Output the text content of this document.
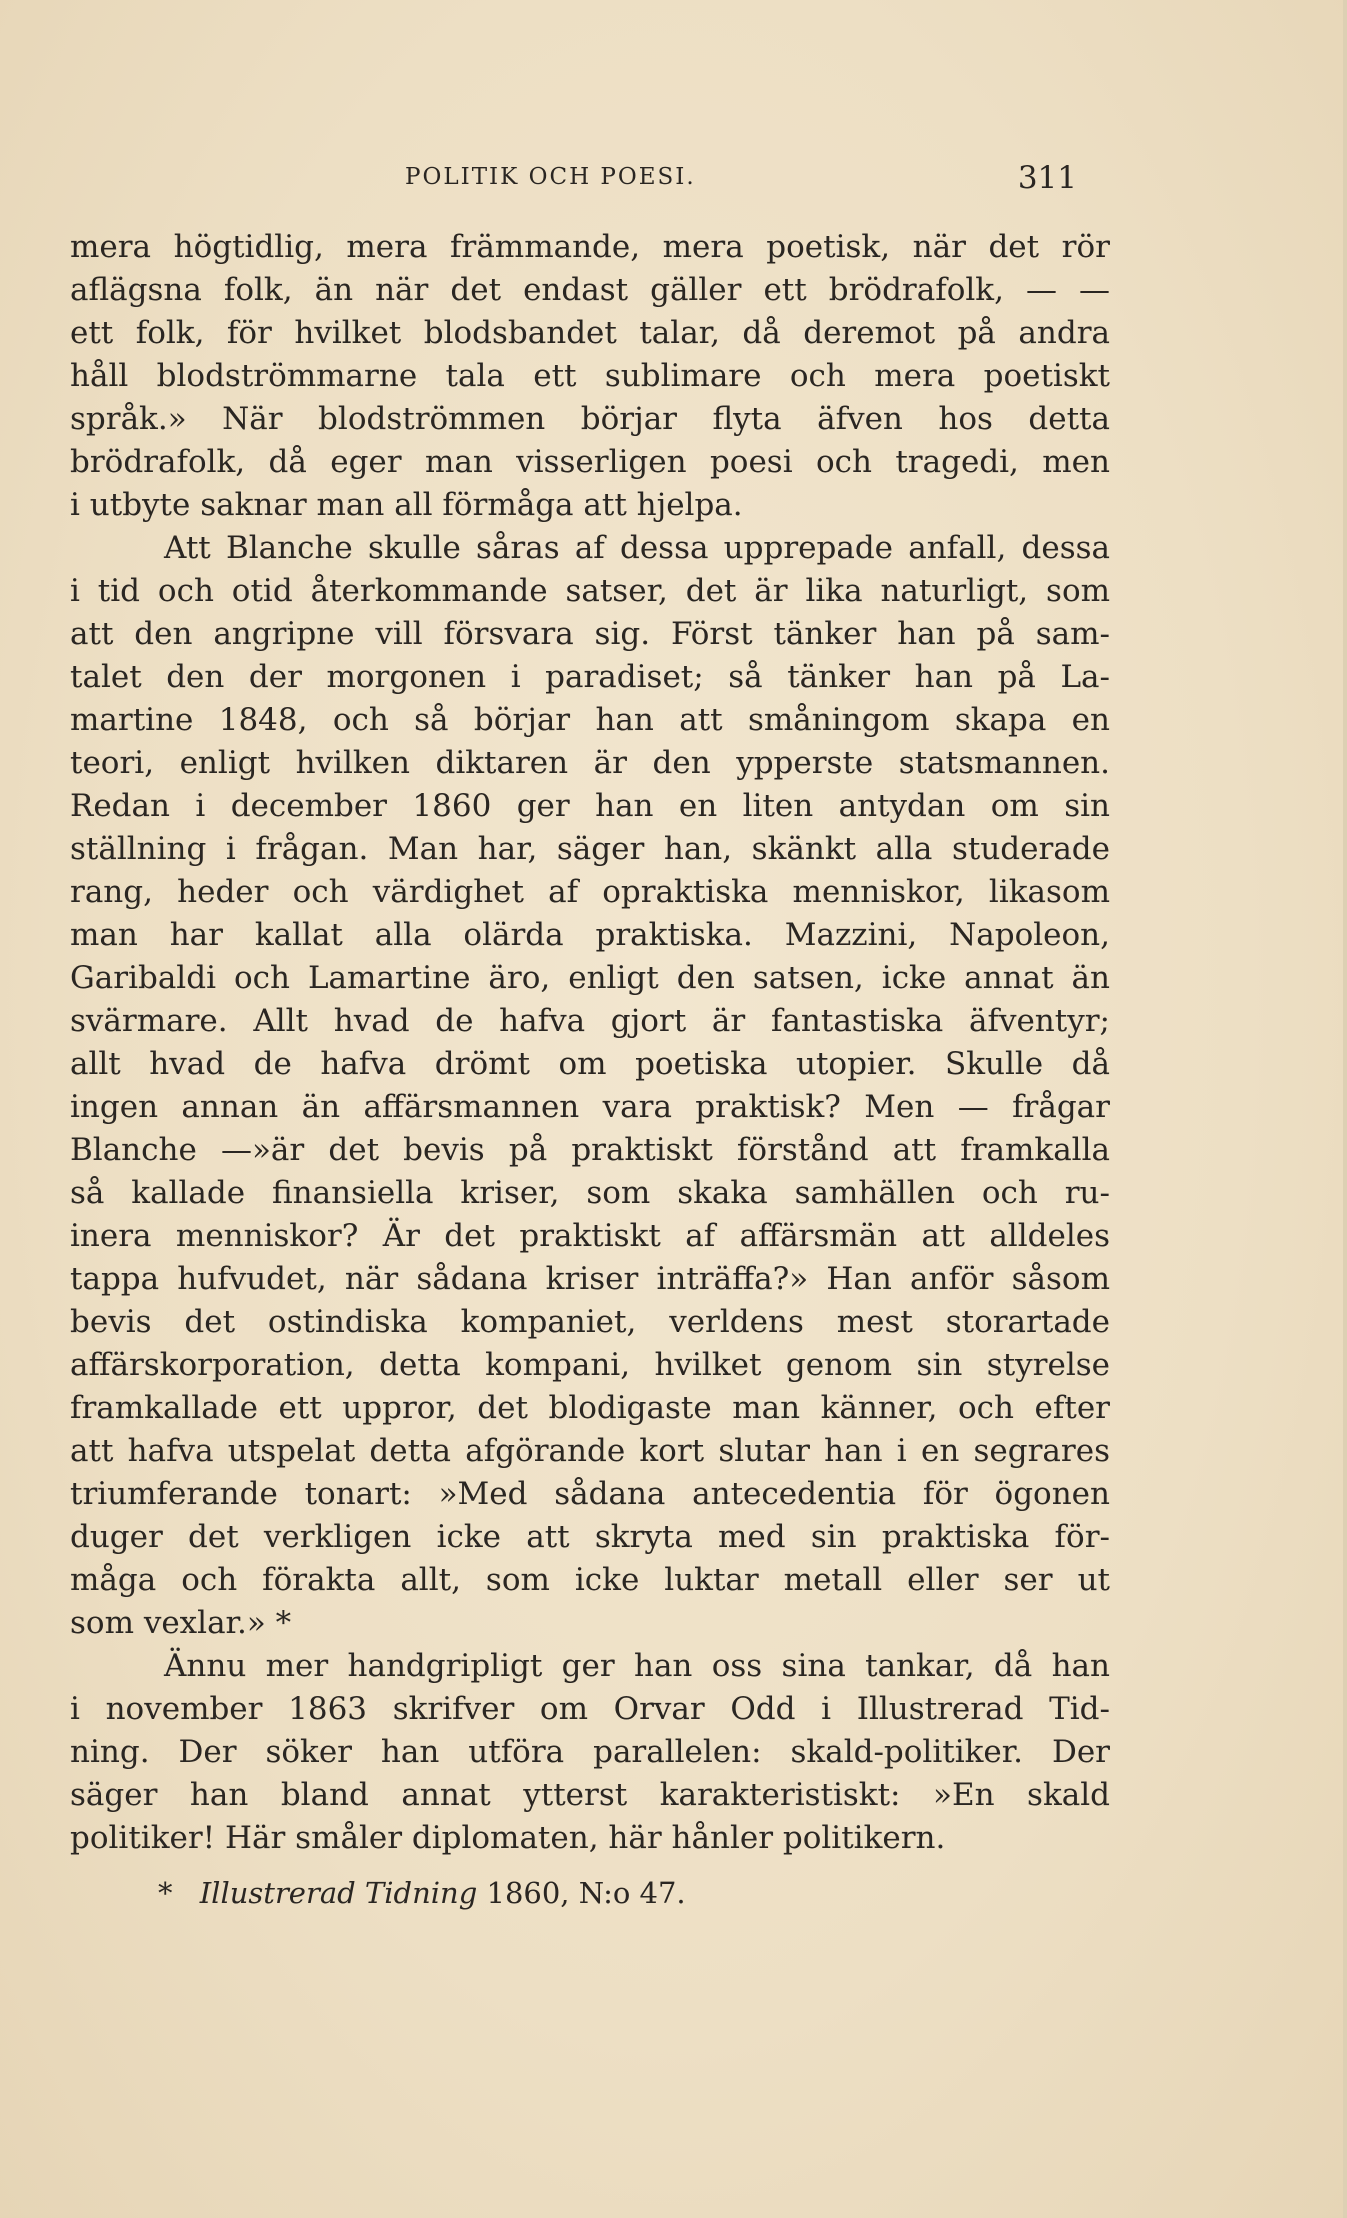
POLITIK OCH POESI.	311
mera högtidlig, mera främmande, mera poetisk, när det rör
aflägsna folk, än när det endast gäller ett brödrafolk, — —
ett folk, för hvilket blodsbandet talar, då deremot på andra
håll blodströmmarne tala ett sublimare och mera poetiskt
språk.» När blodströmmen börjar flyta äfven hos detta
brödrafolk, då eger man visserligen poesi och tragedi, men
i utbyte saknar man all förmåga att hjelpa.
Att Blanche skulle såras af dessa upprepade anfall, dessa
i tid och otid återkommande satser, det är lika naturligt, som
att den angripne vill försvara sig. Först tänker han på sam-
talet den der morgonen i paradiset; så tänker han på La-
martine 1848, och så börjar han att småningom skapa en
teori, enligt hvilken diktaren är den ypperste statsmannen.
Redan i december 1860 ger han en liten antydan om sin
ställning i frågan. Man har, säger han, skänkt alla studerade
rang, heder och värdighet af opraktiska menniskor, likasom
man har kallat alla olärda praktiska. Mazzini, Napoleon,
Garibaldi och Lamartine äro, enligt den satsen, icke annat än
svärmare. Allt hvad de hafva gjort är fantastiska äfventyr;
allt hvad de hafva drömt om poetiska utopier. Skulle då
ingen annan än affärsmannen vara praktisk? Men — frågar
Blanche —»är det bevis på praktiskt förstånd att framkalla
så kallade finansiella kriser, som skaka samhällen och ru-
inera menniskor? Är det praktiskt af affärsmän att alldeles
tappa hufvudet, när sådana kriser inträffa?» Han anför såsom
bevis det ostindiska kompaniet, verldens mest storartade
affärskorporation, detta kompani, hvilket genom sin styrelse
framkallade ett uppror, det blodigaste man känner, och efter
att hafva utspelat detta afgörande kort slutar han i en segrares
triumferande tonart: »Med sådana antecedentia för ögonen
duger det verkligen icke att skryta med sin praktiska för-
måga och förakta allt, som icke luktar metall eller ser ut
som vexlar.» *
Ännu mer handgripligt ger han oss sina tankar, då han
i november 1863 skrifver om Orvar Odd i Illustrerad Tid-
ning. Der söker han utföra parallelen: skald-politiker. Der
säger han bland annat ytterst karakteristiskt: »En skald
politiker! Här småler diplomaten, här hånler politikern.
* Illustrerad Tidning 1860, N:o 47.
